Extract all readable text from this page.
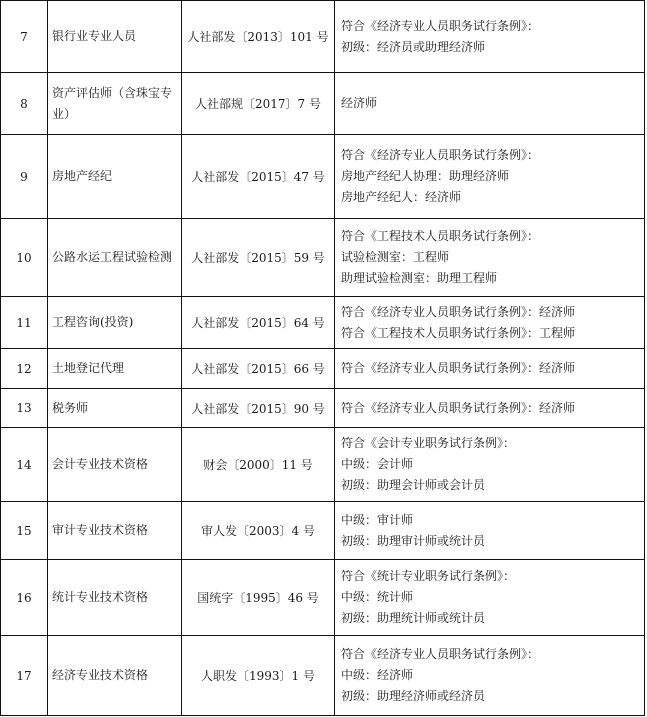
7	银行业专业人员	人社部发〔2013〕101 号	符合《经济专业人员职务试行条例》：
初级：经济员或助理经济师

8	资产评估师（含珠宝专业）	人社部规〔2017〕7 号	经济师

9	房地产经纪	人社部发〔2015〕47 号	符合《经济专业人员职务试行条例》：
房地产经纪人协理：助理经济师
房地产经纪人：经济师

10	公路水运工程试验检测	人社部发〔2015〕59 号	符合《工程技术人员职务试行条例》：
试验检测室：工程师
助理试验检测室：助理工程师

11	工程咨询(投资)	人社部发〔2015〕64 号	符合《经济专业人员职务试行条例》：经济师
符合《工程技术人员职务试行条例》：工程师

12	土地登记代理	人社部发〔2015〕66 号	符合《经济专业人员职务试行条例》：经济师

13	税务师	人社部发〔2015〕90 号	符合《经济专业人员职务试行条例》：经济师

14	会计专业技术资格	财会〔2000〕11 号	符合《会计专业职务试行条例》：
中级：会计师
初级：助理会计师或会计员

15	审计专业技术资格	审人发〔2003〕4 号	中级：审计师
初级：助理审计师或统计员

16	统计专业技术资格	国统字〔1995〕46 号	符合《统计专业职务试行条例》：
中级：统计师
初级：助理统计师或统计员

17	经济专业技术资格	人职发〔1993〕1 号	符合《经济专业人员职务试行条例》：
中级：经济师
初级：助理经济师或经济员
